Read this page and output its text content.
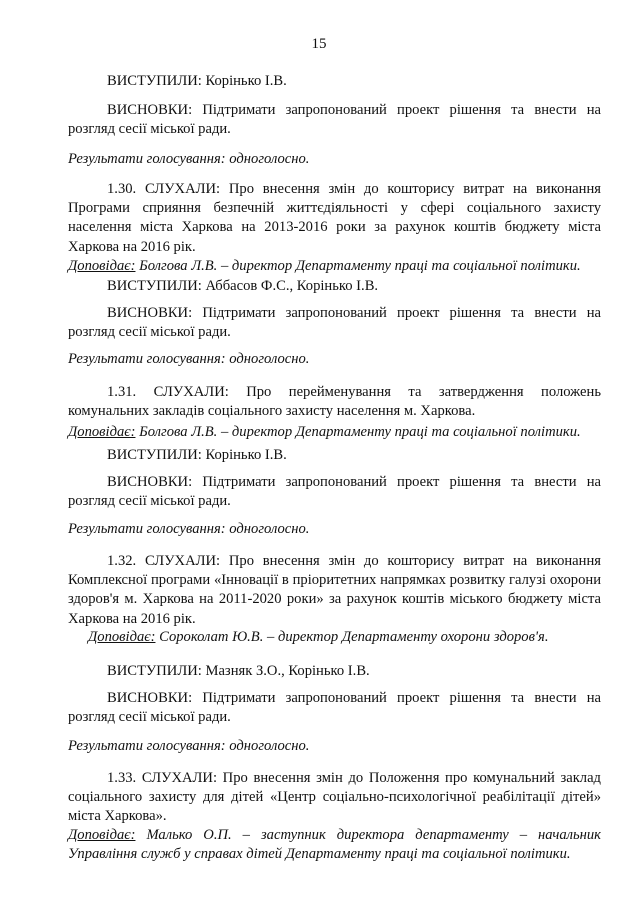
15
ВИСТУПИЛИ: Корінько І.В.
ВИСНОВКИ: Підтримати запропонований проект рішення та внести на розгляд сесії міської ради.
Результати голосування: одноголосно.
1.30. СЛУХАЛИ: Про внесення змін до кошторису витрат на виконання Програми сприяння безпечній життєдіяльності у сфері соціального захисту населення міста Харкова на 2013-2016 роки за рахунок коштів бюджету міста Харкова на 2016 рік.
Доповідає: Болгова Л.В. – директор Департаменту праці та соціальної політики.
ВИСТУПИЛИ: Аббасов Ф.С., Корінько І.В.
ВИСНОВКИ: Підтримати запропонований проект рішення та внести на розгляд сесії міської ради.
Результати голосування: одноголосно.
1.31. СЛУХАЛИ: Про перейменування та затвердження положень комунальних закладів соціального захисту населення м. Харкова.
Доповідає: Болгова Л.В. – директор Департаменту праці та соціальної політики.
ВИСТУПИЛИ: Корінько І.В.
ВИСНОВКИ: Підтримати запропонований проект рішення та внести на розгляд сесії міської ради.
Результати голосування: одноголосно.
1.32. СЛУХАЛИ: Про внесення змін до кошторису витрат на виконання Комплексної програми «Інновації в пріоритетних напрямках розвитку галузі охорони здоров'я м. Харкова на 2011-2020 роки» за рахунок коштів міського бюджету міста Харкова на 2016 рік.
Доповідає: Сороколат Ю.В. – директор Департаменту охорони здоров'я.
ВИСТУПИЛИ: Мазняк З.О., Корінько І.В.
ВИСНОВКИ: Підтримати запропонований проект рішення та внести на розгляд сесії міської ради.
Результати голосування: одноголосно.
1.33. СЛУХАЛИ: Про внесення змін до Положення про комунальний заклад соціального захисту для дітей «Центр соціально-психологічної реабілітації дітей» міста Харкова».
Доповідає: Малько О.П. – заступник директора департаменту – начальник Управління служб у справах дітей Департаменту праці та соціальної політики.
